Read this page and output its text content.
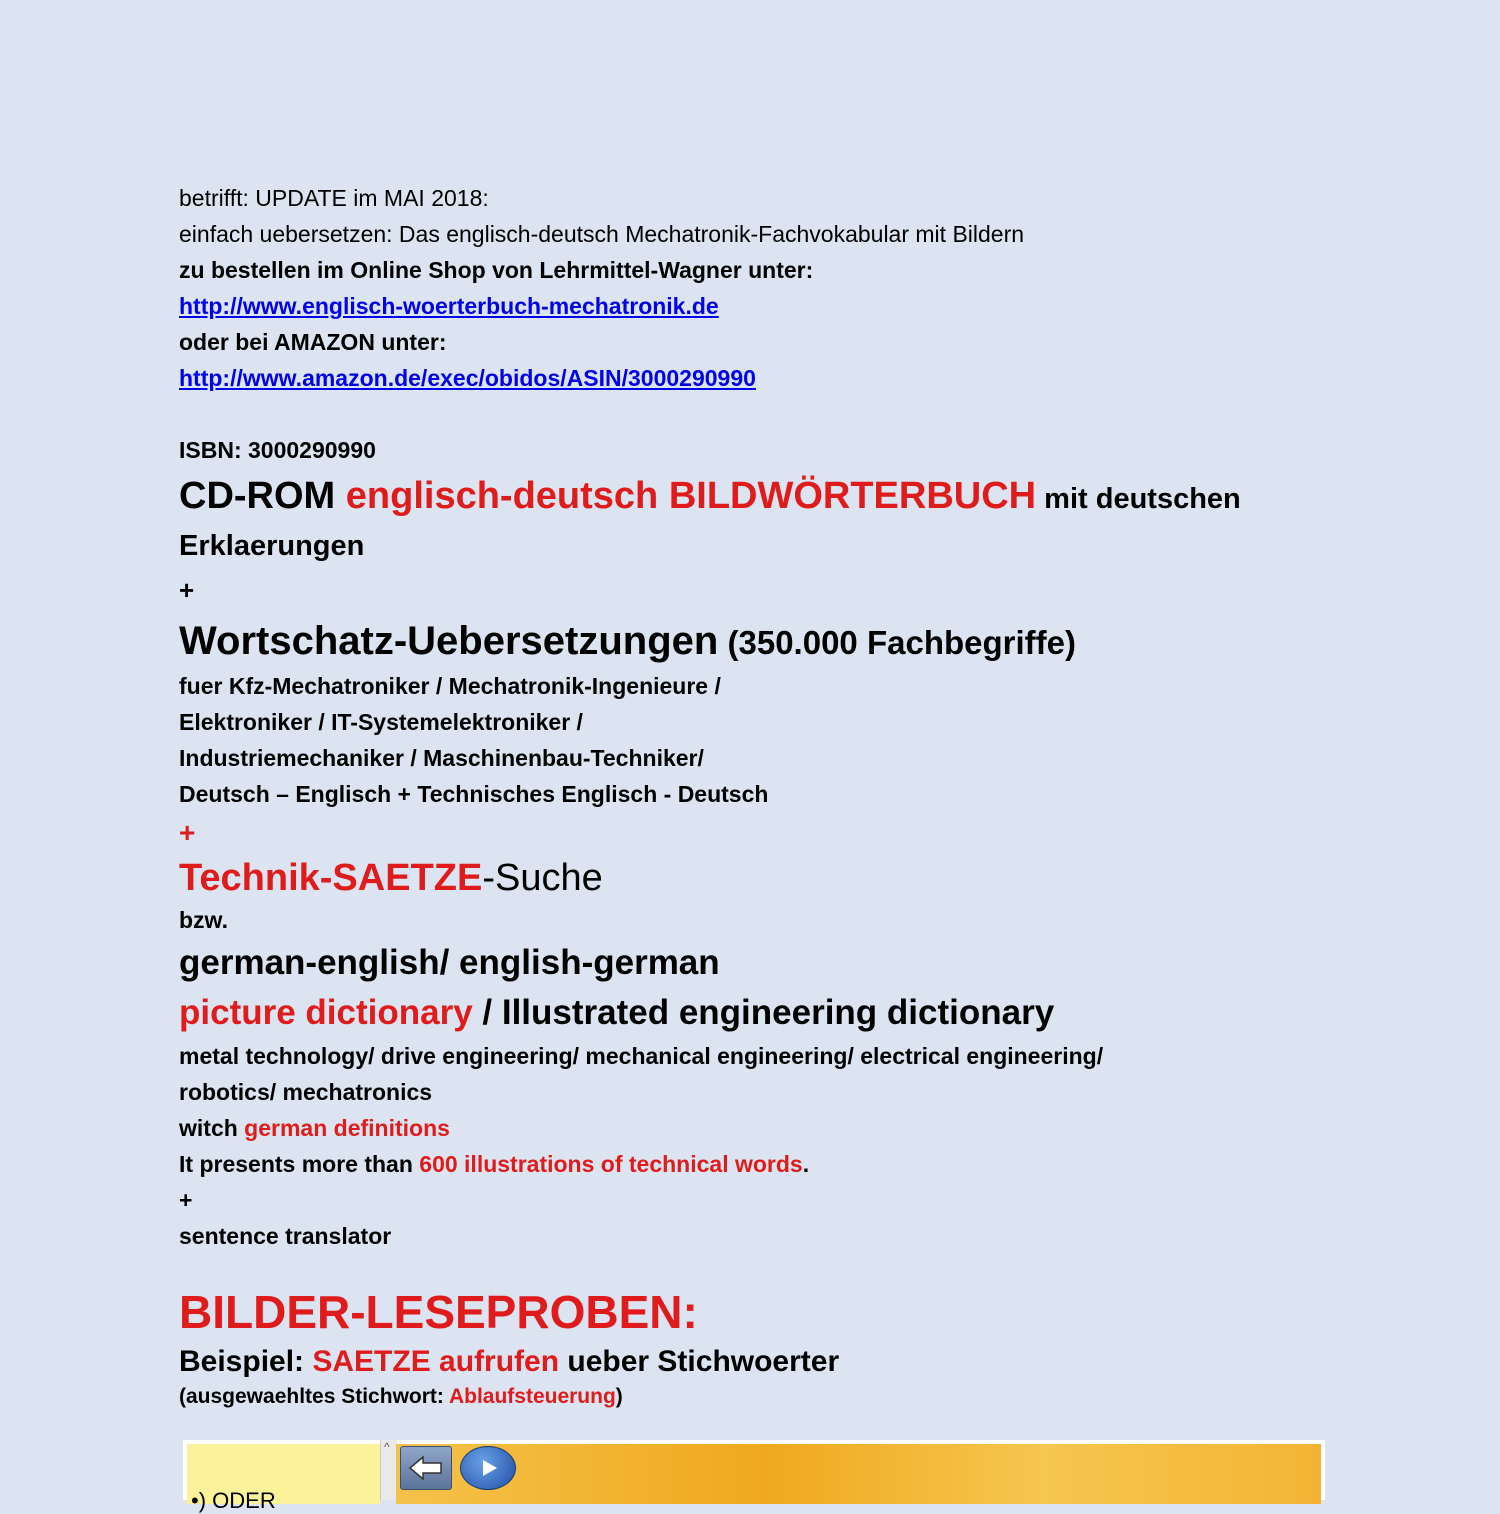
betrifft: UPDATE im MAI 2018:
einfach uebersetzen: Das englisch-deutsch Mechatronik-Fachvokabular mit Bildern
zu bestellen im Online Shop von Lehrmittel-Wagner unter:
http://www.englisch-woerterbuch-mechatronik.de
oder bei AMAZON unter:
http://www.amazon.de/exec/obidos/ASIN/3000290990
ISBN: 3000290990
CD-ROM englisch-deutsch BILDWÖRTERBUCH mit deutschen
Erklaerungen
+
Wortschatz-Uebersetzungen (350.000 Fachbegriffe)
fuer Kfz-Mechatroniker / Mechatronik-Ingenieure /
Elektroniker / IT-Systemelektroniker /
Industriemechaniker / Maschinenbau-Techniker/
Deutsch – Englisch + Technisches Englisch - Deutsch
+
Technik-SAETZE-Suche
bzw.
german-english/ english-german
picture dictionary / Illustrated engineering dictionary
metal technology/ drive engineering/ mechanical engineering/ electrical engineering/
robotics/ mechatronics
witch german definitions
It presents more than 600 illustrations of technical words.
+
sentence translator
BILDER-LESEPROBEN:
Beispiel: SAETZE aufrufen ueber Stichwoerter
(ausgewaehltes Stichwort: Ablaufsteuerung)
•) ODER
^
